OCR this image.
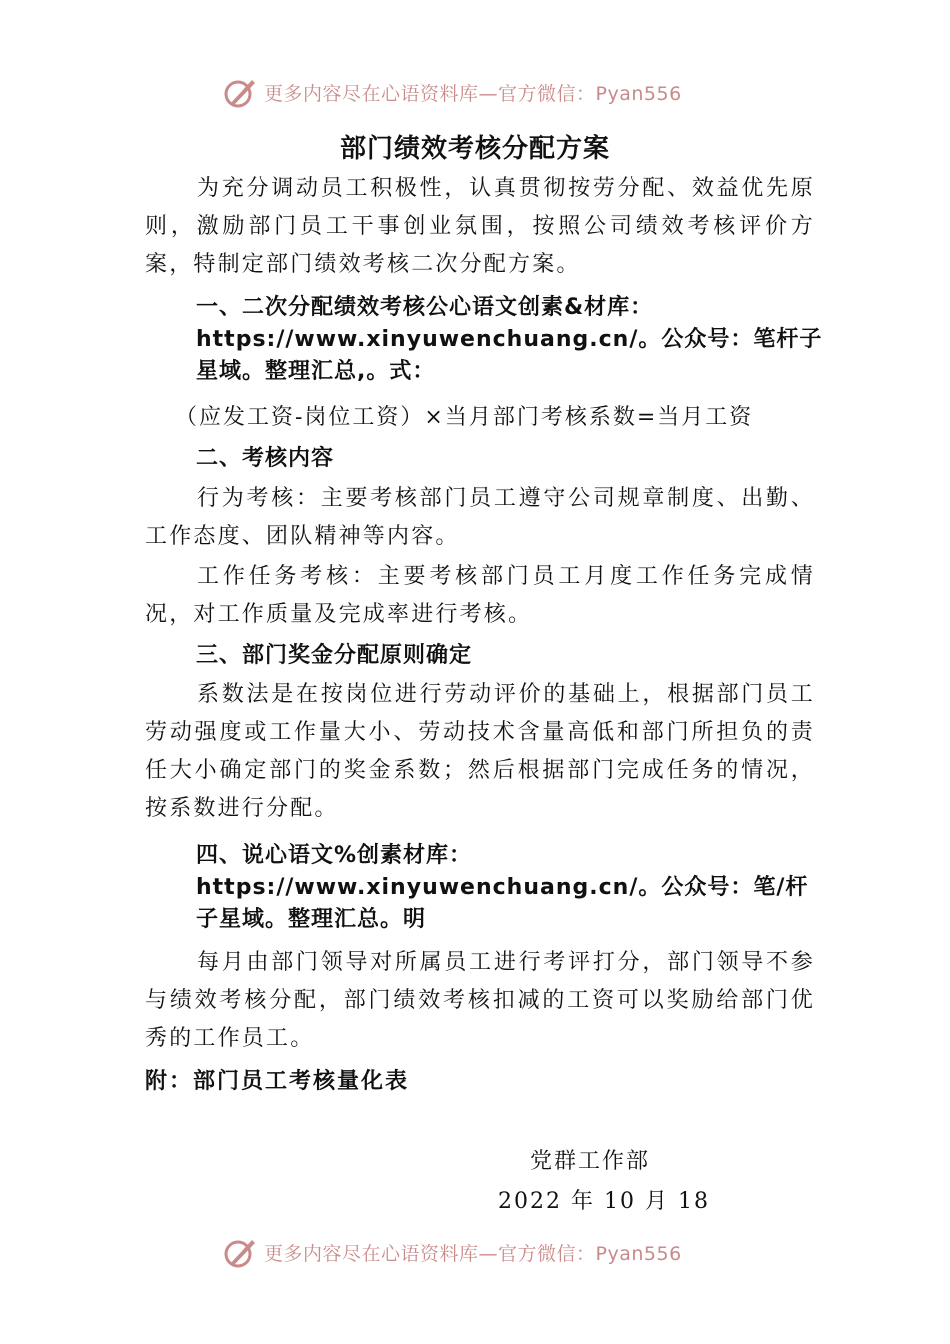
更多内容尽在心语资料库—官方微信：Pyan556
部门绩效考核分配方案

为充分调动员工积极性，认真贯彻按劳分配、效益优先原则，激励部门员工干事创业氛围，按照公司绩效考核评价方案，特制定部门绩效考核二次分配方案。

一、二次分配绩效考核公心语文创素&材库：https://www.xinyuwenchuang.cn/。公众号：笔杆子星域。整理汇总,。式：

（应发工资-岗位工资）×当月部门考核系数=当月工资

二、考核内容

行为考核：主要考核部门员工遵守公司规章制度、出勤、工作态度、团队精神等内容。

工作任务考核：主要考核部门员工月度工作任务完成情况，对工作质量及完成率进行考核。

三、部门奖金分配原则确定

系数法是在按岗位进行劳动评价的基础上，根据部门员工劳动强度或工作量大小、劳动技术含量高低和部门所担负的责任大小确定部门的奖金系数；然后根据部门完成任务的情况，按系数进行分配。

四、说心语文%创素材库：https://www.xinyuwenchuang.cn/。公众号：笔/杆子星域。整理汇总。明

每月由部门领导对所属员工进行考评打分，部门领导不参与绩效考核分配，部门绩效考核扣减的工资可以奖励给部门优秀的工作员工。

附：部门员工考核量化表
党群工作部
2022 年 10 月 18
更多内容尽在心语资料库—官方微信：Pyan556
